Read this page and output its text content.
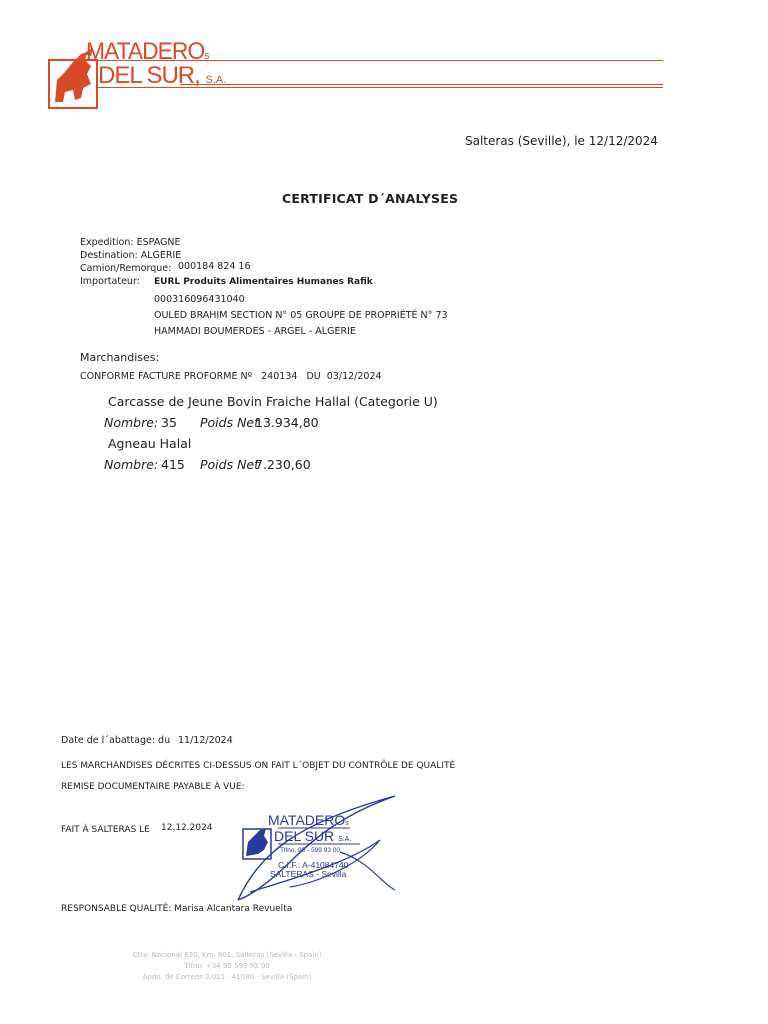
MATADEROs
DEL SUR, S.A.
Salteras (Seville), le 12/12/2024
CERTIFICAT D´ANALYSES
Expedition: ESPAGNE
Destination: ALGERIE
Camion/Remorque: 000184 824 16
Importateur: EURL Produits Alimentaires Humanes Rafik
000316096431040
OULED BRAHIM SECTION N° 05 GROUPE DE PROPRIÉTÉ N° 73
HAMMADI BOUMERDES - ARGEL - ALGERIE
Marchandises:
CONFORME FACTURE PROFORME Nº 240134 DU 03/12/2024
Carcasse de Jeune Bovin Fraiche Hallal (Categorie U)
Nombre: 35 Poids Net
13.934,80
Agneau Halal
Nombre: 415 Poids Net
7.230,60
Date de l´abattage: du 11/12/2024
LES MARCHANDISES DÉCRITES CI-DESSUS ON FAIT L´OBJET DU CONTRÔLE DE QUALITÉ
REMISE DOCUMENTAIRE PAYABLE À VUE:
FAIT À SALTERAS LE 12.12.2024
RESPONSABLE QUALITÉ: Marisa Alcantara Revuelta
MATADEROs
DEL SUR S.A.
Tlfno. 95 - 599 93 00
C.I.F.: A-41084740
SALTERAS - Sevilla
Ctra. Nacional 630, Km. 801. Salteras (Sevilla - Spain)
Tlfno. +34 95 599 93 00
Apdo. de Correos 2.011 · 41080 - Sevilla (Spain)
